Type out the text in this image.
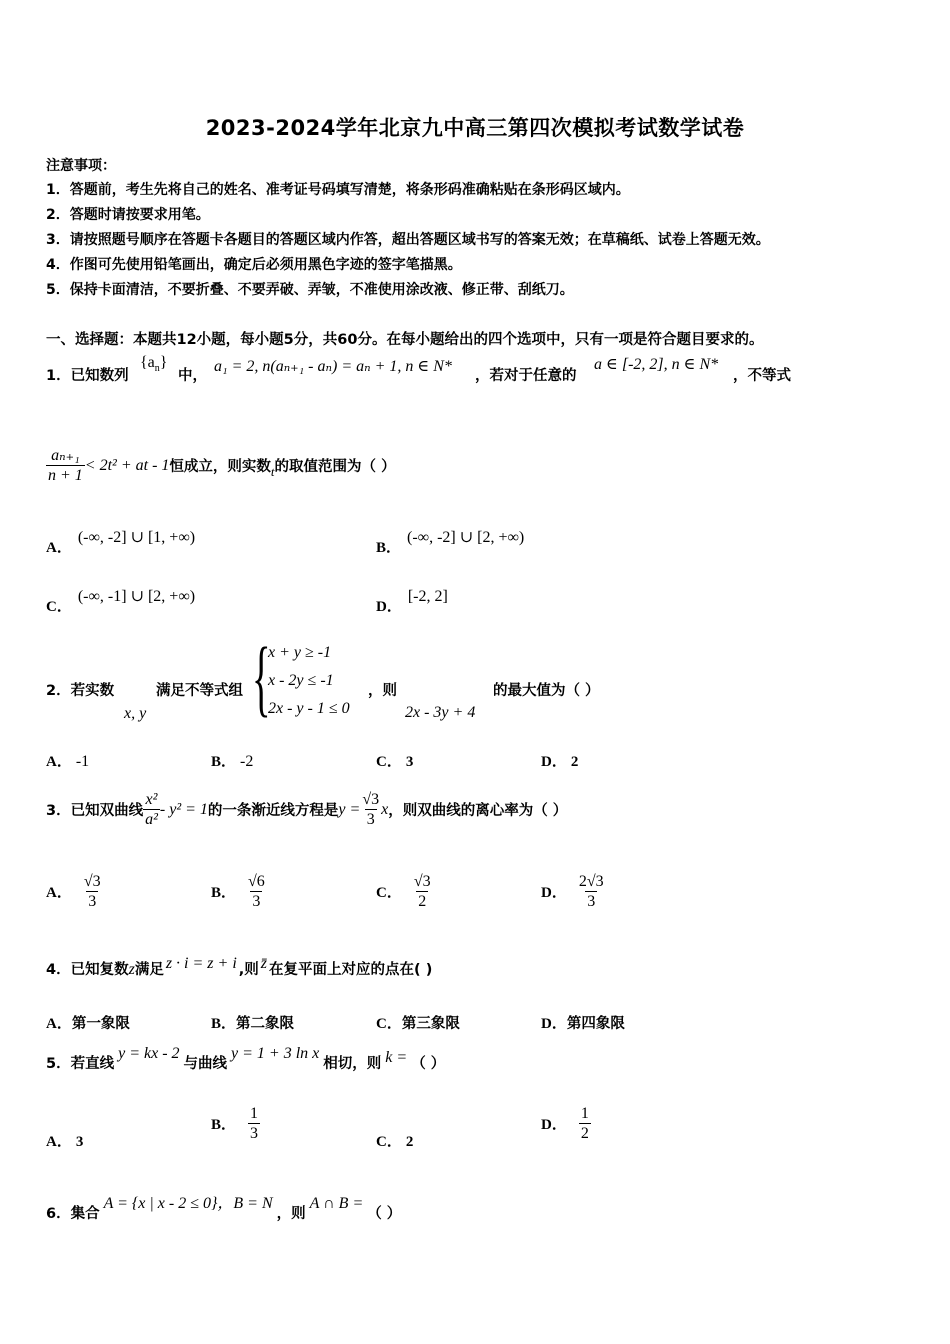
2023-2024学年北京九中高三第四次模拟考试数学试卷
注意事项：
1．答题前，考生先将自己的姓名、准考证号码填写清楚，将条形码准确粘贴在条形码区域内。
2．答题时请按要求用笔。
3．请按照题号顺序在答题卡各题目的答题区域内作答，超出答题区域书写的答案无效；在草稿纸、试卷上答题无效。
4．作图可先使用铅笔画出，确定后必须用黑色字迹的签字笔描黑。
5．保持卡面清洁，不要折叠、不要弄破、弄皱，不准使用涂改液、修正带、刮纸刀。
一、选择题：本题共12小题，每小题5分，共60分。在每小题给出的四个选项中，只有一项是符合题目要求的。
1．已知数列
$\{a_n\}$
中，
a₁ = 2, n(aₙ₊₁ - aₙ) = aₙ + 1, n ∈ N*
，若对于任意的
a ∈ [-2, 2], n ∈ N*
，不等式
$\frac{\text{aₙ₊₁}}{n + 1} < 2t^2$ + at - 1 恒成立，则实数 t 的取值范围为（ ）
A．(-∞, -2] ∪ [1, +∞)
B．(-∞, -2] ∪ [2, +∞)
C．(-∞, -1] ∪ [2, +∞)
D．[-2, 2]
2．若实数
x, y
满足不等式组 {
x + y ≥ -1
x - 2y ≤ -1
2x - y - 1 ≤ 0
，则
2x - 3y + 4
的最大值为（ ）
A． -1	B． -2	C． 3	D． 2
3．已知双曲线 $\frac{\text{x²}}{\text{a²}} - y^2 = 1$ 的一条渐近线方程是 $y = \frac{√3}{3}$ x ，则双曲线的离心率为（ ）
A． $\frac{√3}{3}$	B． $\frac{√6}{3}$	C． $\frac{√3}{2}$	D． $\frac{2√3}{3}$
4．已知复数 z 满足 z · i = z + i ,则 z̄ 在复平面上对应的点在( )
A．第一象限	B．第二象限	C．第三象限	D．第四象限
5．若直线
y = kx - 2
与曲线
y = 1 + 3 ln x
相切，则 k = （ ）
A． 3
B． $\frac{1}{3}$	C． 2
D． $\frac{1}{2}$
6．集合
A = {x | x - 2 ≤ 0}，B = N
，则
A ∩ B =
（ ）
